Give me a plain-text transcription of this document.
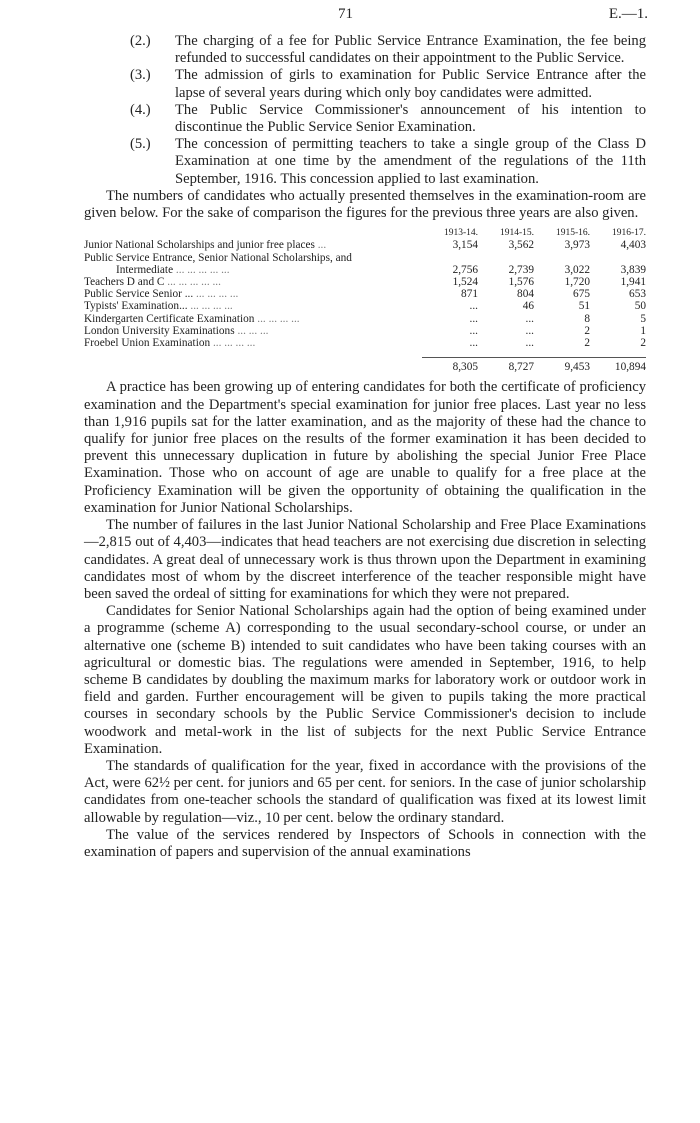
71	E.—1.
(2.) The charging of a fee for Public Service Entrance Examination, the fee being refunded to successful candidates on their appointment to the Public Service.
(3.) The admission of girls to examination for Public Service Entrance after the lapse of several years during which only boy candidates were admitted.
(4.) The Public Service Commissioner's announcement of his intention to discontinue the Public Service Senior Examination.
(5.) The concession of permitting teachers to take a single group of the Class D Examination at one time by the amendment of the regulations of the 11th September, 1916. This concession applied to last examination.

The numbers of candidates who actually presented themselves in the examination-room are given below. For the sake of comparison the figures for the previous three years are also given.

	1913-14.	1914-15.	1915-16.	1916-17.
Junior National Scholarships and junior free places ...	3,154	3,562	3,973	4,403
Public Service Entrance, Senior National Scholarships, and				
Intermediate ... ... ... ... ...	2,756	2,739	3,022	3,839
Teachers D and C ... ... ... ... ...	1,524	1,576	1,720	1,941
Public Service Senior ... ... ... ... ...	871	804	675	653
Typists' Examination... ... ... ... ...	...	46	51	50
Kindergarten Certificate Examination ... ... ... ...	...	...	8	5
London University Examinations ... ... ...	...	...	2	1
Froebel Union Examination ... ... ... ...	...	...	2	2

	8,305	8,727	9,453	10,894

A practice has been growing up of entering candidates for both the certificate of proficiency examination and the Department's special examination for junior free places. Last year no less than 1,916 pupils sat for the latter examination, and as the majority of these had the chance to qualify for junior free places on the results of the former examination it has been decided to prevent this unnecessary duplication in future by abolishing the special Junior Free Place Examination. Those who on account of age are unable to qualify for a free place at the Proficiency Examination will be given the opportunity of obtaining the qualification in the examination for Junior National Scholarships.

The number of failures in the last Junior National Scholarship and Free Place Examinations—2,815 out of 4,403—indicates that head teachers are not exercising due discretion in selecting candidates. A great deal of unnecessary work is thus thrown upon the Department in examining candidates most of whom by the discreet interference of the teacher responsible might have been saved the ordeal of sitting for examinations for which they were not prepared.

Candidates for Senior National Scholarships again had the option of being examined under a programme (scheme A) corresponding to the usual secondary-school course, or under an alternative one (scheme B) intended to suit candidates who have been taking courses with an agricultural or domestic bias. The regulations were amended in September, 1916, to help scheme B candidates by doubling the maximum marks for laboratory work or outdoor work in field and garden. Further encouragement will be given to pupils taking the more practical courses in secondary schools by the Public Service Commissioner's decision to include woodwork and metal-work in the list of subjects for the next Public Service Entrance Examination.

The standards of qualification for the year, fixed in accordance with the provisions of the Act, were 62½ per cent. for juniors and 65 per cent. for seniors. In the case of junior scholarship candidates from one-teacher schools the standard of qualification was fixed at its lowest limit allowable by regulation—viz., 10 per cent. below the ordinary standard.

The value of the services rendered by Inspectors of Schools in connection with the examination of papers and supervision of the annual examinations
